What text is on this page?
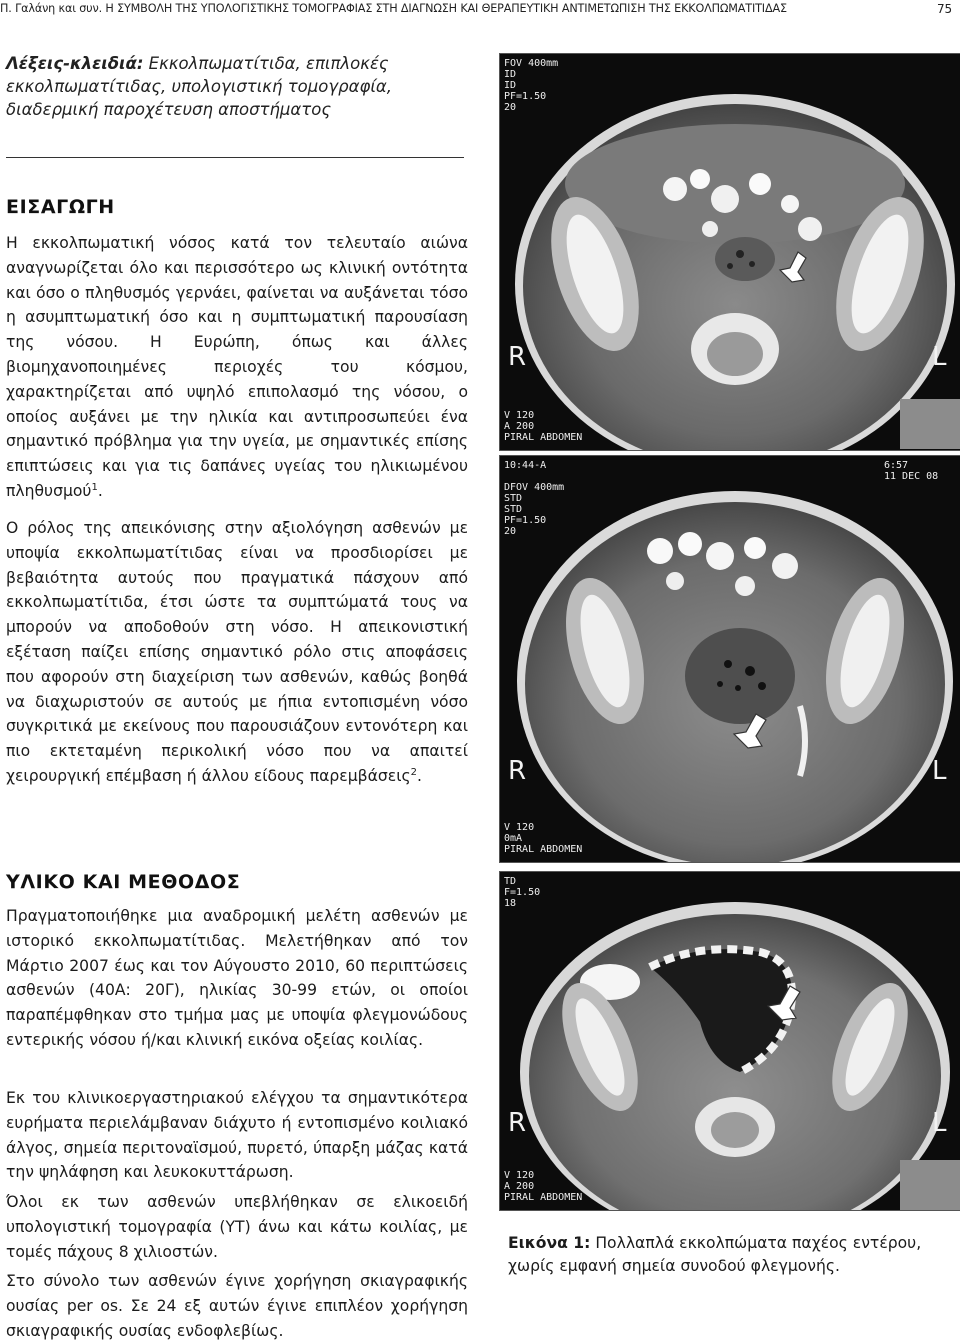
Π. Γαλάνη και συν. Η ΣΥΜΒΟΛΗ ΤΗΣ ΥΠΟΛΟΓΙΣΤΙΚΗΣ ΤΟΜΟΓΡΑΦΙΑΣ ΣΤΗ ΔΙΑΓΝΩΣΗ ΚΑΙ ΘΕΡΑΠΕΥΤΙΚΗ ΑΝΤΙΜΕΤΩΠΙΣΗ ΤΗΣ ΕΚΚΟΛΠΩΜΑΤΙΤΙΔΑΣ	75
Λέξεις-κλειδιά: Εκκολπωματίτιδα, επιπλοκές εκκολπωματίτιδας, υπολογιστική τομογραφία, διαδερμική παροχέτευση αποστήματος
ΕΙΣΑΓΩΓΗ

Η εκκολπωματική νόσος κατά τον τελευταίο αιώνα αναγνωρίζεται όλο και περισσότερο ως κλινική οντότητα και όσο ο πληθυσμός γερνάει, φαίνεται να αυξάνεται τόσο η ασυμπτωματική όσο και η συμπτωματική παρουσίαση της νόσου. Η Ευρώπη, όπως και άλλες βιομηχανοποιημένες περιοχές του κόσμου, χαρακτηρίζεται από υψηλό επιπολασμό της νόσου, ο οποίος αυξάνει με την ηλικία και αντιπροσωπεύει ένα σημαντικό πρόβλημα για την υγεία, με σημαντικές επίσης επιπτώσεις και για τις δαπάνες υγείας του ηλικιωμένου πληθυσμού$^1$.

Ο ρόλος της απεικόνισης στην αξιολόγηση ασθενών με υποψία εκκολπωματίτιδας είναι να προσδιορίσει με βεβαιότητα αυτούς που πραγματικά πάσχουν από εκκολπωματίτιδα, έτσι ώστε τα συμπτώματά τους να μπορούν να αποδοθούν στη νόσο. Η απεικονιστική εξέταση παίζει επίσης σημαντικό ρόλο στις αποφάσεις που αφορούν στη διαχείριση των ασθενών, καθώς βοηθά να διαχωριστούν σε αυτούς με ήπια εντοπισμένη νόσο συγκριτικά με εκείνους που παρουσιάζουν εντονότερη και πιο εκτεταμένη περικολική νόσο που να απαιτεί χειρουργική επέμβαση ή άλλου είδους παρεμβάσεις$^2$.

ΥΛΙΚΟ ΚΑΙ ΜΕΘΟΔΟΣ

Πραγματοποιήθηκε μια αναδρομική μελέτη ασθενών με ιστορικό εκκολπωματίτιδας. Μελετήθηκαν από τον Μάρτιο 2007 έως και τον Αύγουστο 2010, 60 περιπτώσεις ασθενών (40Α: 20Γ), ηλικίας 30-99 ετών, οι οποίοι παραπέμφθηκαν στο τμήμα μας με υποψία φλεγμονώδους εντερικής νόσου ή/και κλινική εικόνα οξείας κοιλίας.

Εκ του κλινικοεργαστηριακού ελέγχου τα σημαντικότερα ευρήματα περιελάμβαναν διάχυτο ή εντοπισμένο κοιλιακό άλγος, σημεία περιτοναϊσμού, πυρετό, ύπαρξη μάζας κατά την ψηλάφηση και λευκοκυττάρωση.

Όλοι εκ των ασθενών υπεβλήθηκαν σε ελικοειδή υπολογιστική τομογραφία (ΥΤ) άνω και κάτω κοιλίας, με τομές πάχους 8 χιλιοστών.

Στο σύνολο των ασθενών έγινε χορήγηση σκιαγραφικής ουσίας per os. Σε 24 εξ αυτών έγινε επιπλέον χορήγηση σκιαγραφικής ουσίας ενδοφλεβίως.

FOV 400mm
ID
ID
PF=1.50
20
V 120
A 200
PIRAL ABDOMEN
R	L
10:44-A

DFOV 400mm
STD
STD
PF=1.50
20
6:57
11 DEC 08
V 120
0mA
PIRAL ABDOMEN
R	L
TD
F=1.50
18
V 120
A 200
PIRAL ABDOMEN
R	L
Εικόνα 1: Πολλαπλά εκκολπώματα παχέος εντέρου, χωρίς εμφανή σημεία συνοδού φλεγμονής.
